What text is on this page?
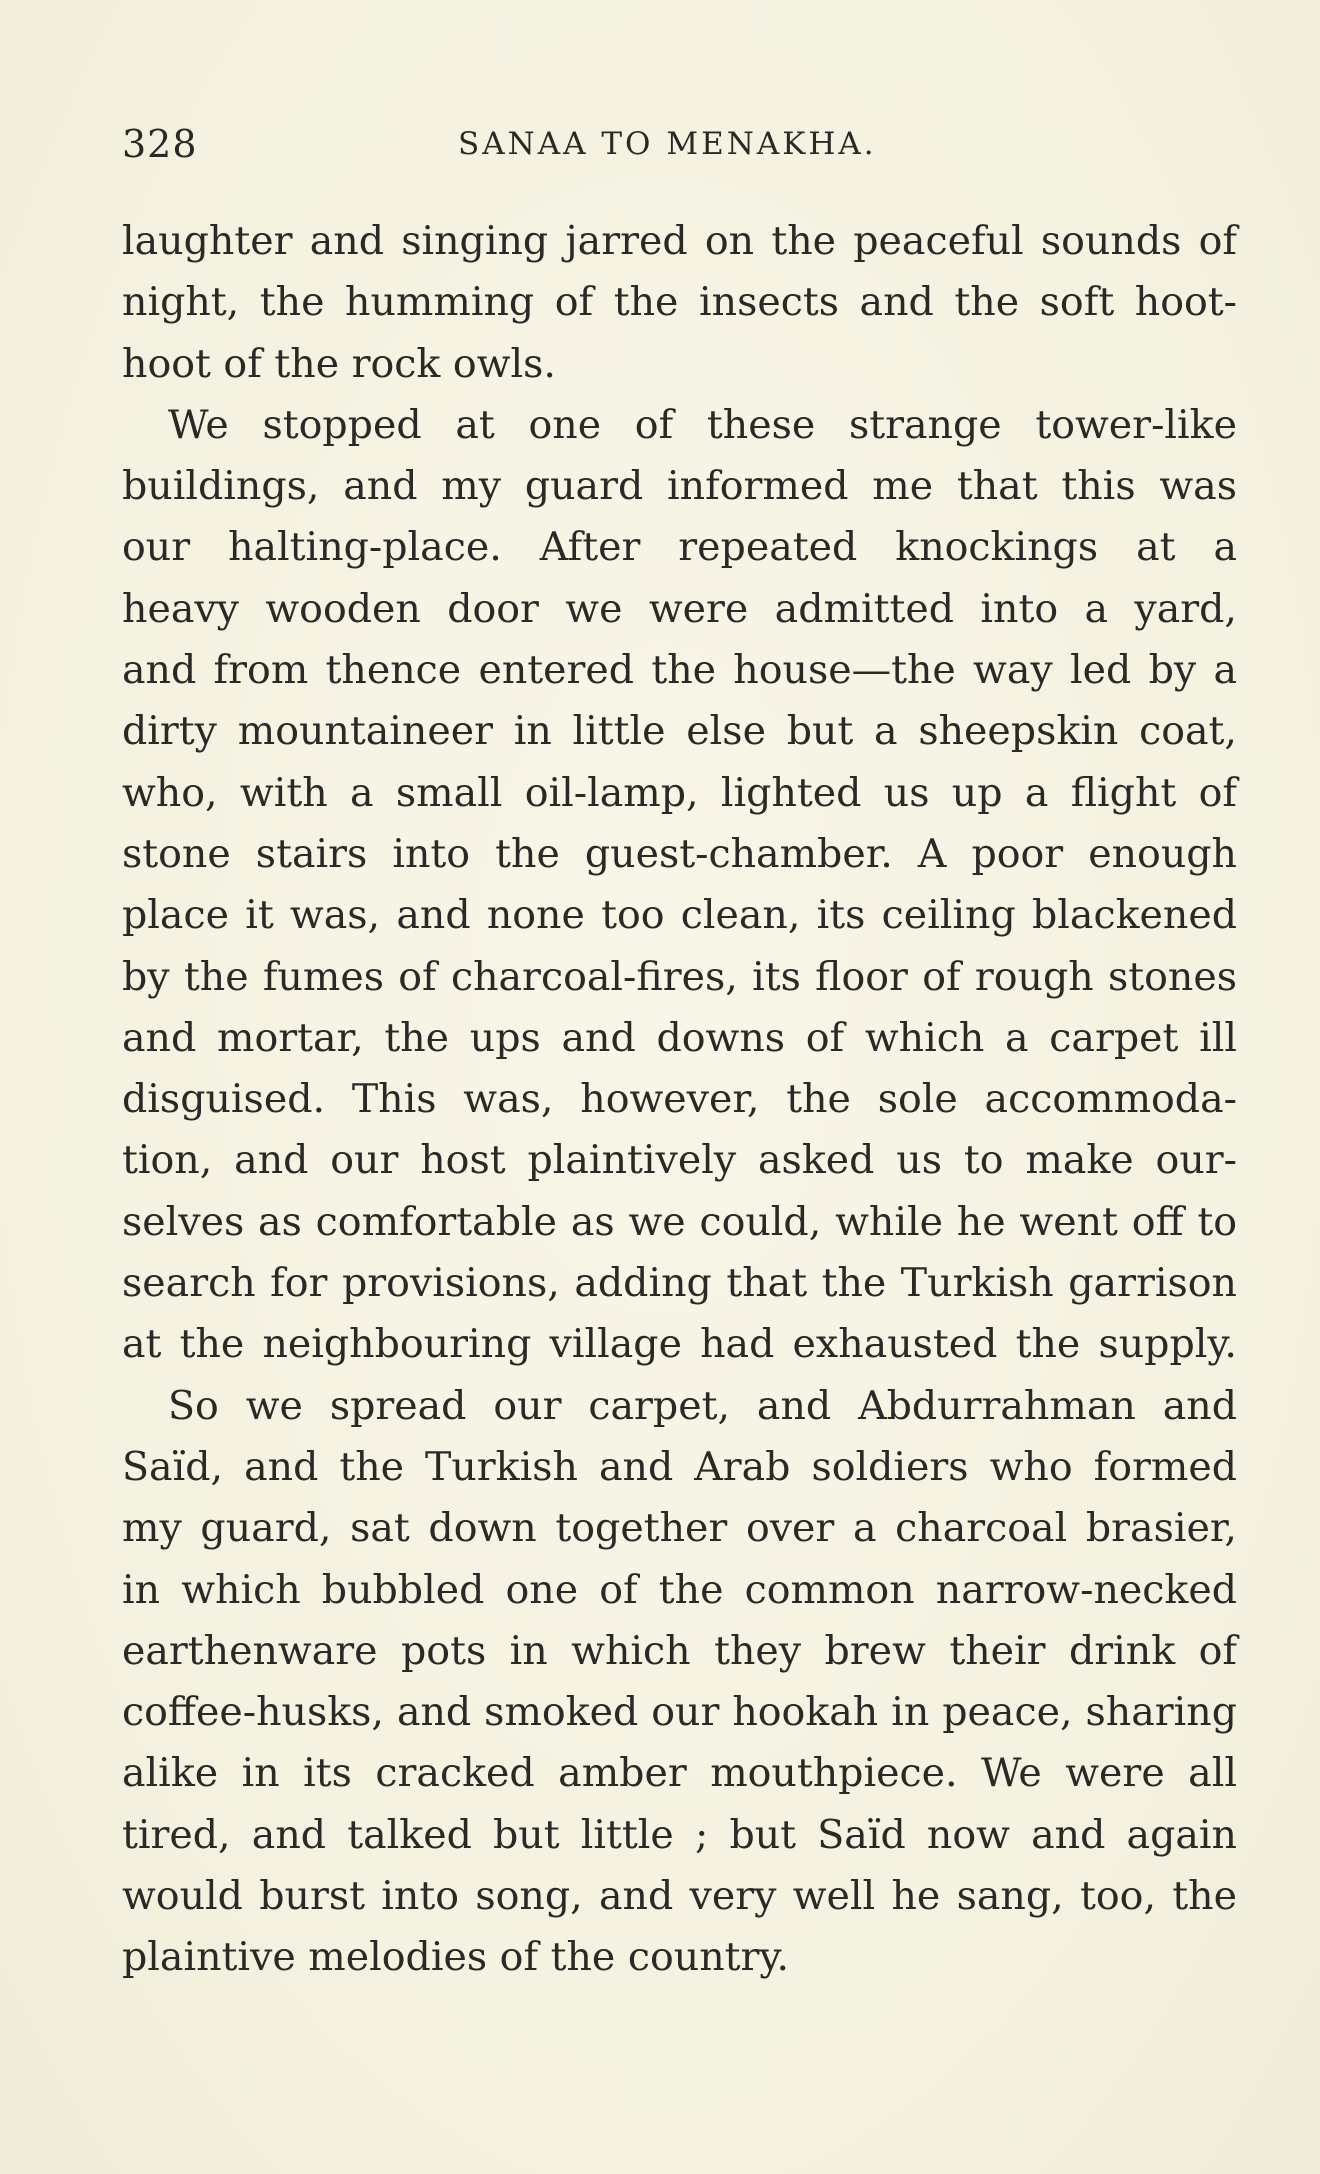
328	SANAA TO MENAKHA.
laughter and singing jarred on the peaceful sounds of
night, the humming of the insects and the soft hoot-
hoot of the rock owls.
We stopped at one of these strange tower-like
buildings, and my guard informed me that this was
our halting-place. After repeated knockings at a
heavy wooden door we were admitted into a yard,
and from thence entered the house—the way led by a
dirty mountaineer in little else but a sheepskin coat,
who, with a small oil-lamp, lighted us up a flight of
stone stairs into the guest-chamber. A poor enough
place it was, and none too clean, its ceiling blackened
by the fumes of charcoal-fires, its floor of rough stones
and mortar, the ups and downs of which a carpet ill
disguised. This was, however, the sole accommoda-
tion, and our host plaintively asked us to make our-
selves as comfortable as we could, while he went off to
search for provisions, adding that the Turkish garrison
at the neighbouring village had exhausted the supply.
So we spread our carpet, and Abdurrahman and
Saïd, and the Turkish and Arab soldiers who formed
my guard, sat down together over a charcoal brasier,
in which bubbled one of the common narrow-necked
earthenware pots in which they brew their drink of
coffee-husks, and smoked our hookah in peace, sharing
alike in its cracked amber mouthpiece. We were all
tired, and talked but little ; but Saïd now and again
would burst into song, and very well he sang, too, the
plaintive melodies of the country.
